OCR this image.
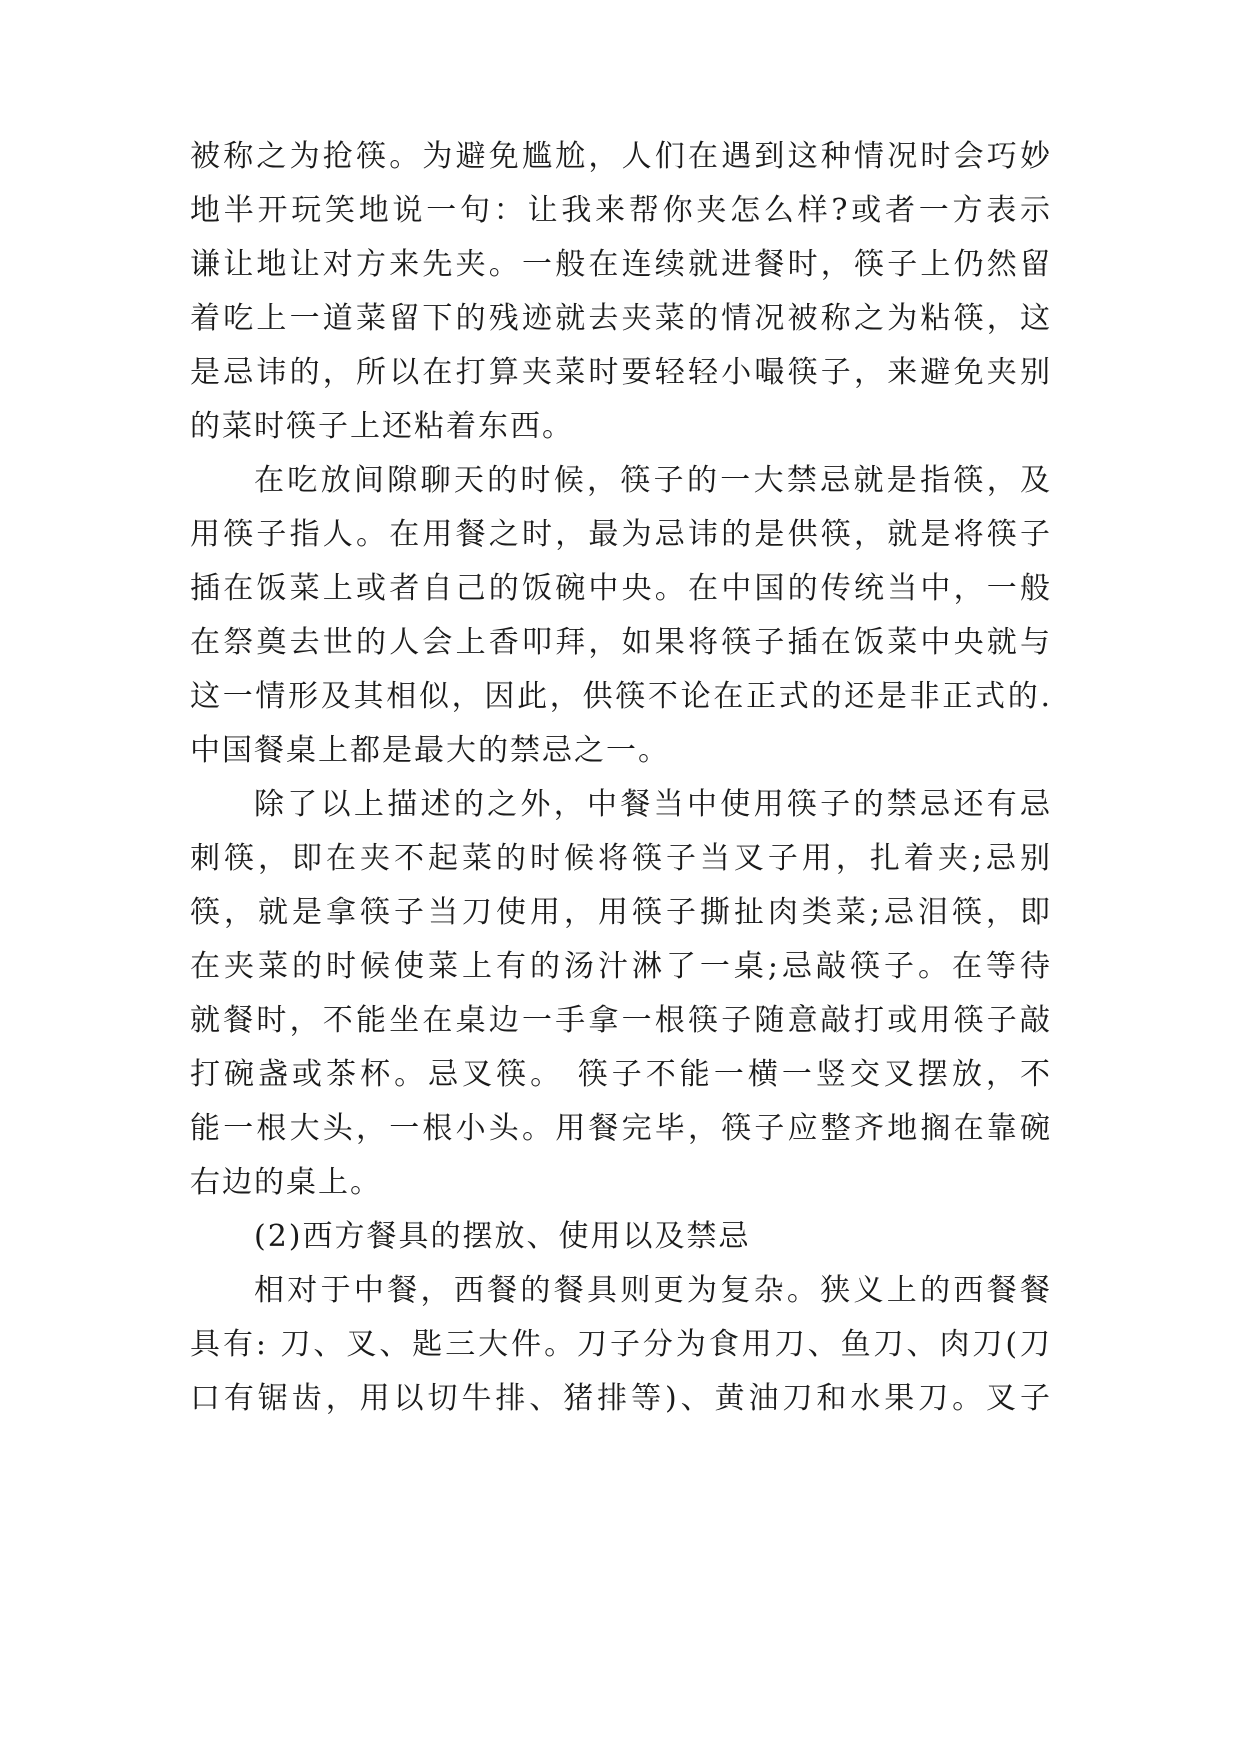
被称之为抢筷。为避免尴尬，人们在遇到这种情况时会巧妙
地半开玩笑地说一句：让我来帮你夹怎么样?或者一方表示
谦让地让对方来先夹。一般在连续就进餐时，筷子上仍然留
着吃上一道菜留下的残迹就去夹菜的情况被称之为粘筷，这
是忌讳的，所以在打算夹菜时要轻轻小嘬筷子，来避免夹别
的菜时筷子上还粘着东西。
在吃放间隙聊天的时候，筷子的一大禁忌就是指筷，及
用筷子指人。在用餐之时，最为忌讳的是供筷，就是将筷子
插在饭菜上或者自己的饭碗中央。在中国的传统当中，一般
在祭奠去世的人会上香叩拜，如果将筷子插在饭菜中央就与
这一情形及其相似，因此，供筷不论在正式的还是非正式的.
中国餐桌上都是最大的禁忌之一。
除了以上描述的之外，中餐当中使用筷子的禁忌还有忌
刺筷，即在夹不起菜的时候将筷子当叉子用，扎着夹;忌别
筷，就是拿筷子当刀使用，用筷子撕扯肉类菜;忌泪筷，即
在夹菜的时候使菜上有的汤汁淋了一桌;忌敲筷子。在等待
就餐时，不能坐在桌边一手拿一根筷子随意敲打或用筷子敲
打碗盏或茶杯。忌叉筷。 筷子不能一横一竖交叉摆放，不
能一根大头，一根小头。用餐完毕，筷子应整齐地搁在靠碗
右边的桌上。
(2)西方餐具的摆放、使用以及禁忌
相对于中餐，西餐的餐具则更为复杂。狭义上的西餐餐
具有: 刀、叉、匙三大件。刀子分为食用刀、鱼刀、肉刀(刀
口有锯齿，用以切牛排、猪排等)、黄油刀和水果刀。叉子
